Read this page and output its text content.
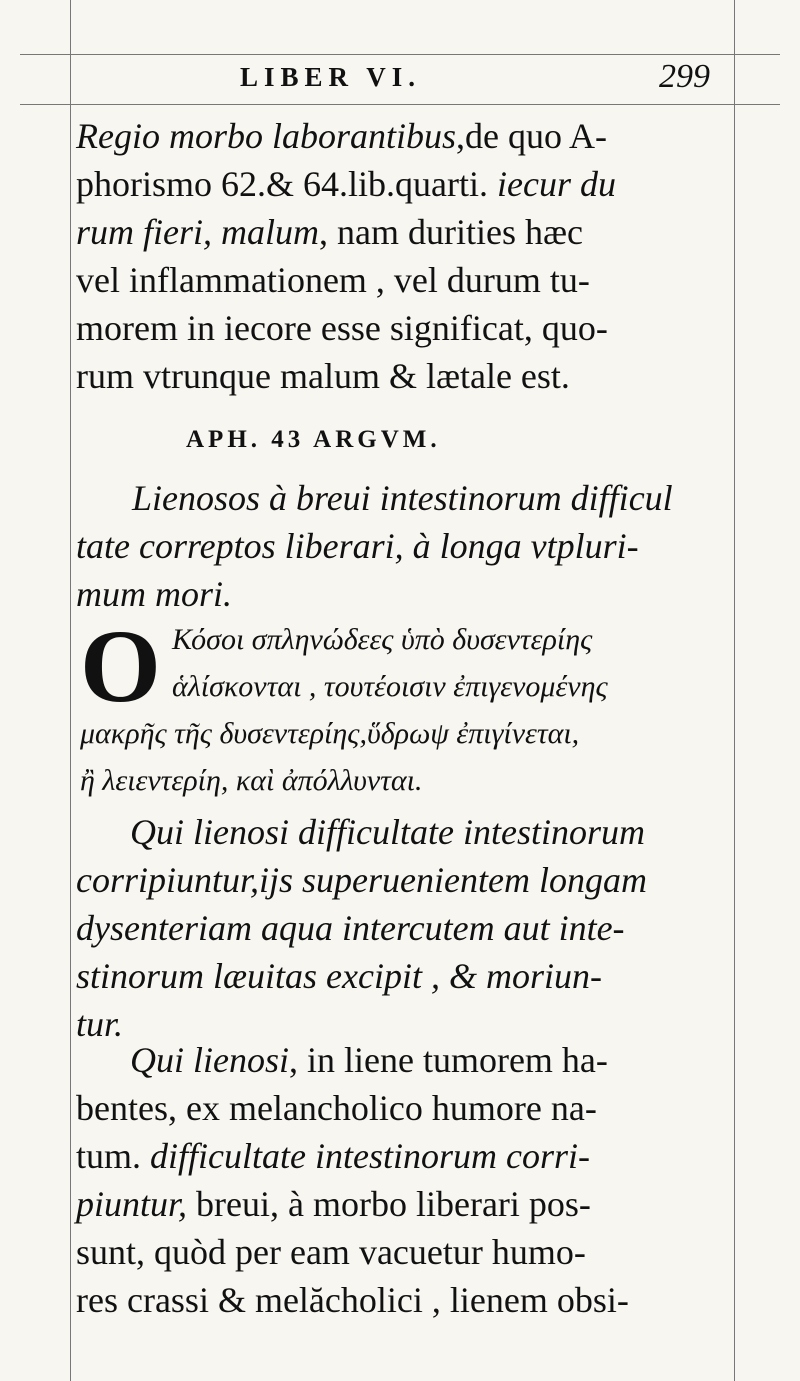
LIBER VI.	299
Regio morbo laborantibus,de quo A-
phorismo 62.& 64.lib.quarti. iecur du
rum fieri, malum, nam durities hæc
vel inflammationem , vel durum tu-
morem in iecore esse significat, quo-
rum vtrunque malum & lætale est.
APH. 43 ARGVM.
Lienosos à breui intestinorum difficul
tate correptos liberari, à longa vtpluri-
mum mori.
O Κόσοι σπληνώδεες ὑπὸ δυσεντερίης
ἁλίσκονται , τουτέοισιν ἐπιγενομένης
μακρῆς τῆς δυσεντερίης,ὕδρωψ ἐπιγίνεται,
ἢ λειεντερίη, καὶ ἀπόλλυνται.
Qui lienosi difficultate intestinorum
corripiuntur,ijs superuenientem longam
dysenteriam aqua intercutem aut inte-
stinorum læuitas excipit , & moriun-
tur.
Qui lienosi, in liene tumorem ha-
bentes, ex melancholico humore na-
tum. difficultate intestinorum corri-
piuntur, breui, à morbo liberari pos-
sunt, quòd per eam vacuetur humo-
res crassi & melăcholici , lienem obsi-
